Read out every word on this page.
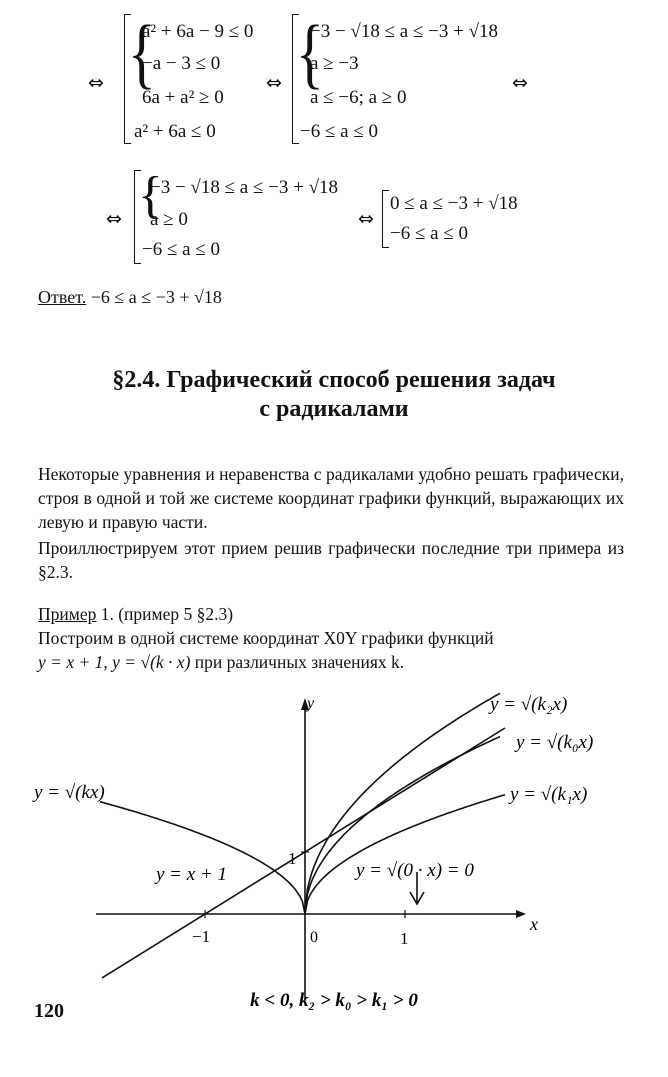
⇔ {
a² + 6a − 9 ≤ 0
−a − 3 ≤ 0
6a + a² ≥ 0
a² + 6a ≤ 0
⇔ {
−3 − √18 ≤ a ≤ −3 + √18
a ≥ −3
a ≤ −6; a ≥ 0
−6 ≤ a ≤ 0
⇔
⇔ {
−3 − √18 ≤ a ≤ −3 + √18
a ≥ 0
−6 ≤ a ≤ 0
⇔
0 ≤ a ≤ −3 + √18
−6 ≤ a ≤ 0
Ответ. −6 ≤ a ≤ −3 + √18
§2.4. Графический способ решения задач
с радикалами

Некоторые уравнения и неравенства с радикалами удобно решать графически, строя в одной и той же системе координат графики функций, выражающих их левую и правую части.

Проиллюстрируем этот прием решив графически последние три примера из §2.3.

Пример 1. (пример 5 §2.3)

Построим в одной системе координат X0Y графики функций

y = x + 1, y = √(k · x) при различных значениях k.

x
y
−1	0	1
1
y = √(k₂x)
y = √(k₀x)
y = √(k₁x)
y = √(kx)
y = x + 1	y = √(0 · x) = 0
k < 0, k₂ > k₀ > k₁ > 0
120
